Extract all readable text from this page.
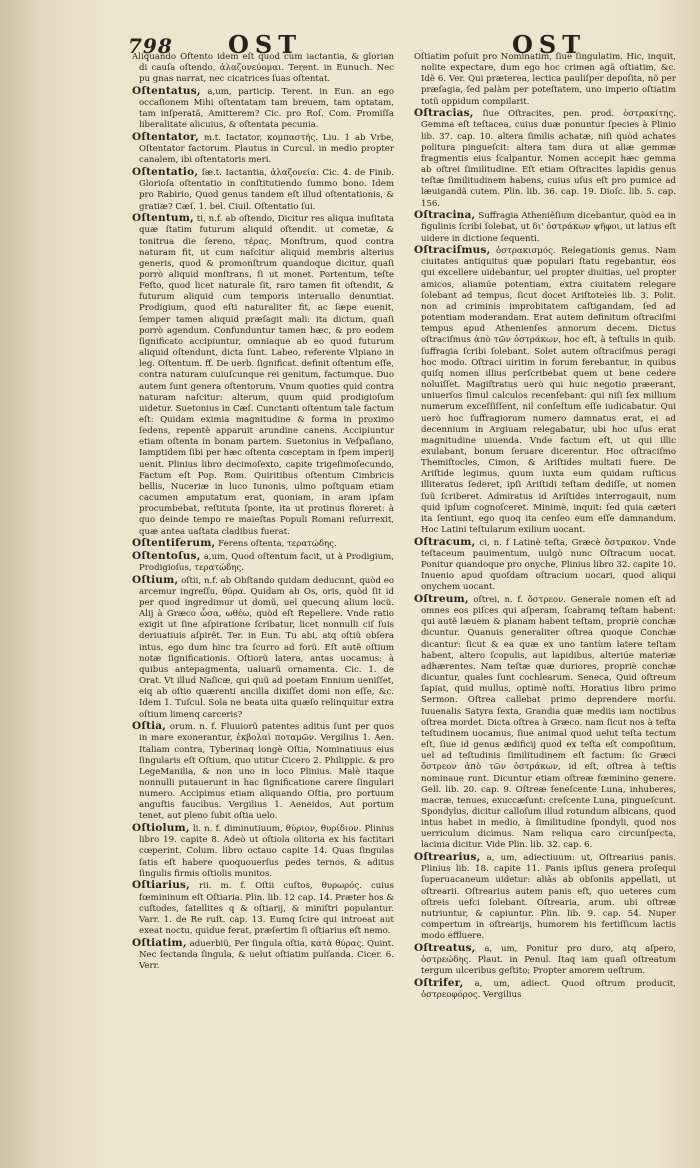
798 OST	OST

Aliquando Oftento idem eſt quod cum iactantia, & glorian di cauſa oſtendo, ἀλαζονεύομαι. Terent. in Eunuch. Nec pu gnas narrat, nec cicatrices ſuas oſtentat.

Oſtentatus, a,um, particip. Terent. in Eun. an ego occaſionem Mihi oſtentatam tam breuem, tam optatam, tam inſperatã, Amitterem? Cic. pro Roſ. Com. Promiſſa liberalitate alicuius, & oſtentata pecunia.

Oſtentator, m.t. Iactator, κομπαστής. Liu. 1 ab Vrbe, Oſtentator factorum. Plautus in Curcul. in medio propter canalem, ibi oſtentatoris meri.

Oſtentatio, ſæ.t. Iactantia, ἀλαζονεία. Cic. 4. de Finib. Glorioſa oſtentatio in conſtitutiendo ſummo bono. Idem pro Rabirio, Quod genus tandem eſt illud oſtentationis, & gratiæ? Cæſ. 1. bel. Ciuil. Oſtentatio ſui.

Oſtentum, ti, n.f. ab oſtendo, Dicitur res aliqua inuſitata quæ ſtatim futurum aliquid oſtendit. ut cometæ, & tonitrua die ſereno, τέρας. Monſtrum, quod contra naturam fit, ut cum naſcitur aliquid membris alterius generis, quod & promonſtrum quandoque dicitur, quaſi porrò aliquid monſtrans, ſi ut monet. Portentum, teſte Feſto, quod licet naturale ſit, raro tamen fit oſtendit, & futurum aliquid cum temporis interuallo denuntiat. Prodigium, quod eſti naturaliter fit, ac ſæpe euenit, ſemper tamen aliquid præſagit mali: ita dictum, quaſi porrò agendum. Confunduntur tamen hæc, & pro eodem ſignificato accipiuntur, omniaque ab eo quod futurum aliquid oſtendunt, dicta ſunt. Labeo, referente Vlpiano in leg. Oſtentum. ff. De uerb. ſignificat. definit oſtentum eſſe, contra naturam cuiuſcunque rei genitum, factumque. Duo autem ſunt genera oſtentorum. Vnum quoties quid contra naturam naſcitur: alterum, quum quid prodigioſum uidetur. Suetonius in Cæſ. Cunctanti oſtentum tale factum eſt: Quidam eximia magnitudine & forma in proximo ſedens, repentè apparuit arundine canens. Accipiuntur etiam oſtenta in bonam partem. Suetonius in Veſpaſiano, Iamptidem ſibi per hæc oſtenta cœceptam in ſpem imperij uenit. Plinius libro decimoſexto, capite trigeſimoſecundo, Factum eſt Pop. Rom. Quiritibus oſtentum Cimbricis bellis, Nuceriæ in luco Iunonis, ulmo poſtquam etiam cacumen amputatum erat, quoniam, in aram ipſam procumbebat, reſtituta ſponte, ita ut protinus floreret: à quo deinde tempo re maieſtas Populi Romani reſurrexit, quæ antea uaſtata cladibus fuerat.

Oſtentiferum, Ferens oſtenta, τερατώδης.

Oſtentoſus, a,um, Quod oſtentum facit, ut à Prodigium, Prodigioſus, τερατώδης.

Oſtium, oſtii, n.f. ab Obſtando quidam deducunt, quòd eo arcemur ingreſſu, θύρα. Quidam ab Os, oris, quòd ſit id per quod ingredimur ut domũ, uel quecunq alium locũ. Alij à Græco ὦσα, ωθέω, quòd eſt Repellere. Vnde ratio exigit ut ſine aſpiratione ſcribatur, licet nonnulli ciſ ſuis deriuatiuis aſpirẽt. Ter. in Eun. Tu abi, atq oſtiũ obſera intus, ego dum hinc tra ſcurro ad forũ. Eſt autẽ oſtium notæ ſignificationis. Oſtiorũ latera, antas uocamus: à quibus antepagmenta, ualuarũ ornamenta. Cic. 1. de Orat. Vt illud Naſicæ, qui quũ ad poetam Ennium ueniſſet, eiq ab oſtio quærenti ancilla dixiſſet domi non eſſe, &c. Idem 1. Tuſcul. Sola ne beata uita quæſo relinquitur extra oſtium limenq carceris?

Oſtia, orum. n. f. Fluuiorũ patentes aditus ſunt per quos in mare exonerantur, ἐκβολαὶ ποταμῶν. Vergilius 1. Aen. Italiam contra, Tyberinaq longè Oſtia, Nominatiuus eius ſingularis eſt Oſtium, quo utitur Cicero 2. Philippic. & pro LegeManilia, & non uno in loco Plinius. Malè itaque nonnulli putauerunt in hac ſignificatione carere ſingulari numero. Accipimus etiam aliquando Oſtia, pro portuum anguſtis faucibus. Vergilius 1. Aeneidos, Aut portum tenet, aut pleno ſubit oſtia uelo.

Oſtiolum, li. n. f. diminutiuum, θύριον, θυρίδιον. Plinius libro 19. capite 8. Adeò ut oſtiola olitoria ex his factitari cœperint. Colum. libro octauo capite 14. Quas ſingulas ſatis eſt habere quoquouerſus pedes ternos, & aditus ſingulis firmis oſtiolis munitos.

Oſtiarius, rii. m. f. Oſtii cuſtos, θυρωρός. cuius fœmininum eſt Oſtiaria. Plin. lib. 12 cap. 14. Præter hos & cuſtodes, ſatellites q & oſtiarij, & miniſtri populantur. Varr. 1. de Re ruſt. cap. 13. Eumq ſcire qui introeat aut exeat noctu, quidue ferat, præſertim ſi oſtiarius eſt nemo.

Oſtiatim, aduerbiũ, Per ſingula oſtia, κατὰ θύρας. Quint. Nec ſectanda ſingula, & uelut oſtiatim pulſanda. Cicer. 6. Verr.

Oſtiatim poſuit pro Nominatim, ſiue ſingulatim. Hic, inquit, nolite expectare, dum ego hoc crimen agã oſtiatim, &c. Idẽ 6. Ver. Qui præterea, lectica pauliſper depoſita, nõ per præſagia, ſed palàm per poteſtatem, uno imperio oſtiatim totũ oppidum compilarit.

Oſtracias, ſiue Oſtracites, pen. prod. ὀστρακίτης. Gemma eſt teſtacea, cuius duæ ponuntur ſpecies à Plinio lib. 37. cap. 10. altera ſimilis achatæ, niſi quòd achates politura pingueſcit: altera tam dura ut aliæ gemmæ fragmentis eius ſcalpantur. Nomen accepit hæc gemma ab oſtrei ſimilitudine. Eſt etiam Oſtracites lapidis genus teſtæ ſimilitudinem habens, cuius uſus eſt pro pumice ad læuigandã cutem. Plin. lib. 36. cap. 19. Dioſc. lib. 5. cap. 156.

Oſtracina, Suffragia Atheniẽſium dicebantur, quòd ea in figulinis ſcribi ſolebat, ut δι' ὀστράκων ψῆφοι, ut latius eſt uidere in dictione ſequenti.

Oſtraciſmus, ὀστρακισμός. Relegationis genus. Nam ciuitates antiquitus quæ populari ſtatu regebantur, eos qui excellere uidebantur, uel propter diuitias, uel propter amicos, aliamúe potentiam, extra ciuitatem relegare ſolebant ad tempus, ſicut docet Ariſtoteles lib. 3. Polit. non ad criminis improbitatem caſtigandam, ſed ad potentiam moderandam. Erat autem definitum oſtraciſmi tempus apud Athenienſes annorum decem. Dictus oſtraciſmus ἀπὸ τῶν ὀστράκων, hoc eſt, à teſtulis in quib. ſuffragia ſcribi ſolebant. Solet autem oſtraciſmus peragi hoc modo. Oſtraci uiritim in forum ferebantur, in quibus quiſq nomen illius perſcribebat quem ut bene cedere noluiſſet. Magiſtratus uerò qui huic negotio præerant, uniuerſos ſimul calculos recenſebant: qui niſi ſex millium numerum exceſſiſſent, nil conſeſtum eſſe iudicabatur. Qui uerò hoc ſuffragiorum numero damnatus erat, ei ad decennium in Argiuam relegabatur, ubi hoc uſus erat magnitudine uiuenda. Vnde factum eſt, ut qui illic exulabant, bonum ſeruare dicerentur. Hoc oſtraciſmo Themiſtocles, Cimon, & Ariſtides multati fuere. De Ariſtide legimus, quum iuxta eum quidam ruſticus illiteratus ſederet, ipſi Ariſtidi teſtam dediſſe, ut nomen ſuũ ſcriberet. Admiratus id Ariſtides interrogauit, num quid ipſum cognoſceret. Minimè, inquit: ſed quia cæteri ita ſentiunt, ego quoq ita cenſeo eum eſſe damnandum. Hoc Latini teſtularum exilium uocant.

Oſtracum, ci, n. f Latinè teſta, Græcè ὄστρακον. Vnde teſtaceum pauimentum, uulgò nunc Oſtracum uocat. Ponitur quandoque pro onyche, Plinius libro 32. capite 10. Inuenio apud quoſdam oſtracium uocari, quod aliqui onychem uocant.

Oſtreum, oſtrei, n. f. ὄστρεον. Generale nomen eſt ad omnes eos piſces qui aſperam, ſcabramq teſtam habent: qui autẽ læuem & planam habent teſtam, propriè conchæ dicuntur. Quanuis generaliter oſtrea quoque Conchæ dicantur: ſicut & ea quæ ex uno tantùm latere teſtam habent, altero ſcopulis, aut lapidibus, alteriúe materiæ adhærentes. Nam teſtæ quæ duriores, propriè conchæ dicuntur, quales ſunt cochlearum. Seneca, Quid oſtreum ſapiat, quid mullus, optimè noſti. Horatius libro primo Sermon. Oſtrea callebat primo deprendere morſu. Iuuenalis Satyra ſexta, Grandia quæ mediis iam noctibus oſtrea mordet. Dicta oſtrea à Græco. nam ſicut nos à teſta teſtudinem uocamus, ſiue animal quod uelut teſta tectum eſt, ſiue id genus ædificij quod ex teſta eſt compoſitum, uel ad teſtudinis ſimilitudinem eſt factum: ſic Græci ὄστρεον ἀπὸ τῶν ὀστράκων, id eſt, oſtrea à teſtis nominaue runt. Dicuntur etiam oſtreæ fœminino genere. Gell. lib. 20. cap. 9. Oſtreæ ſeneſcente Luna, inhuberes, macræ, tenues, exuccæſunt: creſcente Luna, pingueſcunt. Spondylus, dicitur calloſum illud rotundum albicans, quod intus habet in medio, à ſimilitudine ſpondyli, quod nos uerriculum dicimus. Nam reliqua caro circunſpecta, lacinia dicitur. Vide Plin. lib. 32. cap. 6.

Oſtrearius, a, um, adiectiuum: ut, Oſtrearius panis. Plinius lib. 18. capite 11. Panis ipſius genera proſequi ſuperuacaneum uidetur: aliàs ab obſoniis appellati, ut oſtrearii. Oſtrearius autem panis eſt, quo ueteres cum oſtreis uefci ſolebant. Oſtrearia, arum. ubi oſtreæ nutriuntur, & capiuntur. Plin. lib. 9. cap. 54. Nuper compertum in oſtrearijs, humorem his fertiſſicum lactis modo effluere.

Oſtreatus, a, um, Ponitur pro duro, atq aſpero, ὀστρεώδης. Plaut. in Penul. Itaq iam quaſi oſtreatum tergum ulceribus geſtito; Propter amorem ueſtrum.

Oſtrifer, a, um, adiect. Quod oſtrum producit, ὀστρεοφόρος. Vergilius
